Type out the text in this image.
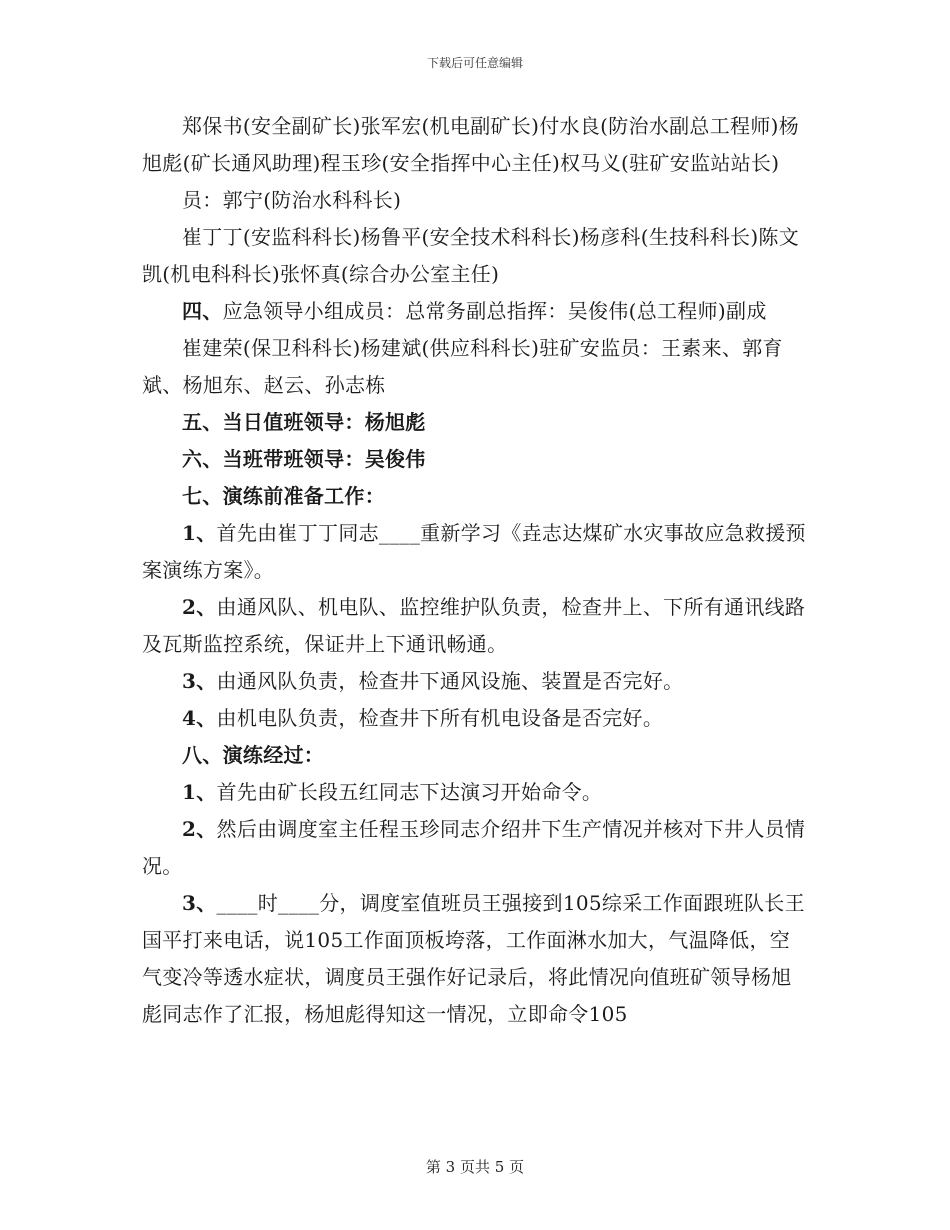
下载后可任意编辑

郑保书(安全副矿长)张军宏(机电副矿长)付水良(防治水副总工程师)杨旭彪(矿长通风助理)程玉珍(安全指挥中心主任)权马义(驻矿安监站站长)

员：郭宁(防治水科科长)

崔丁丁(安监科科长)杨鲁平(安全技术科科长)杨彦科(生技科科长)陈文凯(机电科科长)张怀真(综合办公室主任)

四、应急领导小组成员：总常务副总指挥：吴俊伟(总工程师)副成

崔建荣(保卫科科长)杨建斌(供应科科长)驻矿安监员：王素来、郭育斌、杨旭东、赵云、孙志栋

五、当日值班领导：杨旭彪

六、当班带班领导：吴俊伟

七、演练前准备工作：

1、首先由崔丁丁同志____重新学习《垚志达煤矿水灾事故应急救援预案演练方案》。

2、由通风队、机电队、监控维护队负责，检查井上、下所有通讯线路及瓦斯监控系统，保证井上下通讯畅通。

3、由通风队负责，检查井下通风设施、装置是否完好。

4、由机电队负责，检查井下所有机电设备是否完好。

八、演练经过：

1、首先由矿长段五红同志下达演习开始命令。

2、然后由调度室主任程玉珍同志介绍井下生产情况并核对下井人员情况。

3、____时____分，调度室值班员王强接到105综采工作面跟班队长王国平打来电话，说105工作面顶板垮落，工作面淋水加大，气温降低，空气变冷等透水症状，调度员王强作好记录后，将此情况向值班矿领导杨旭彪同志作了汇报，杨旭彪得知这一情况，立即命令105

第 3 页共 5 页
